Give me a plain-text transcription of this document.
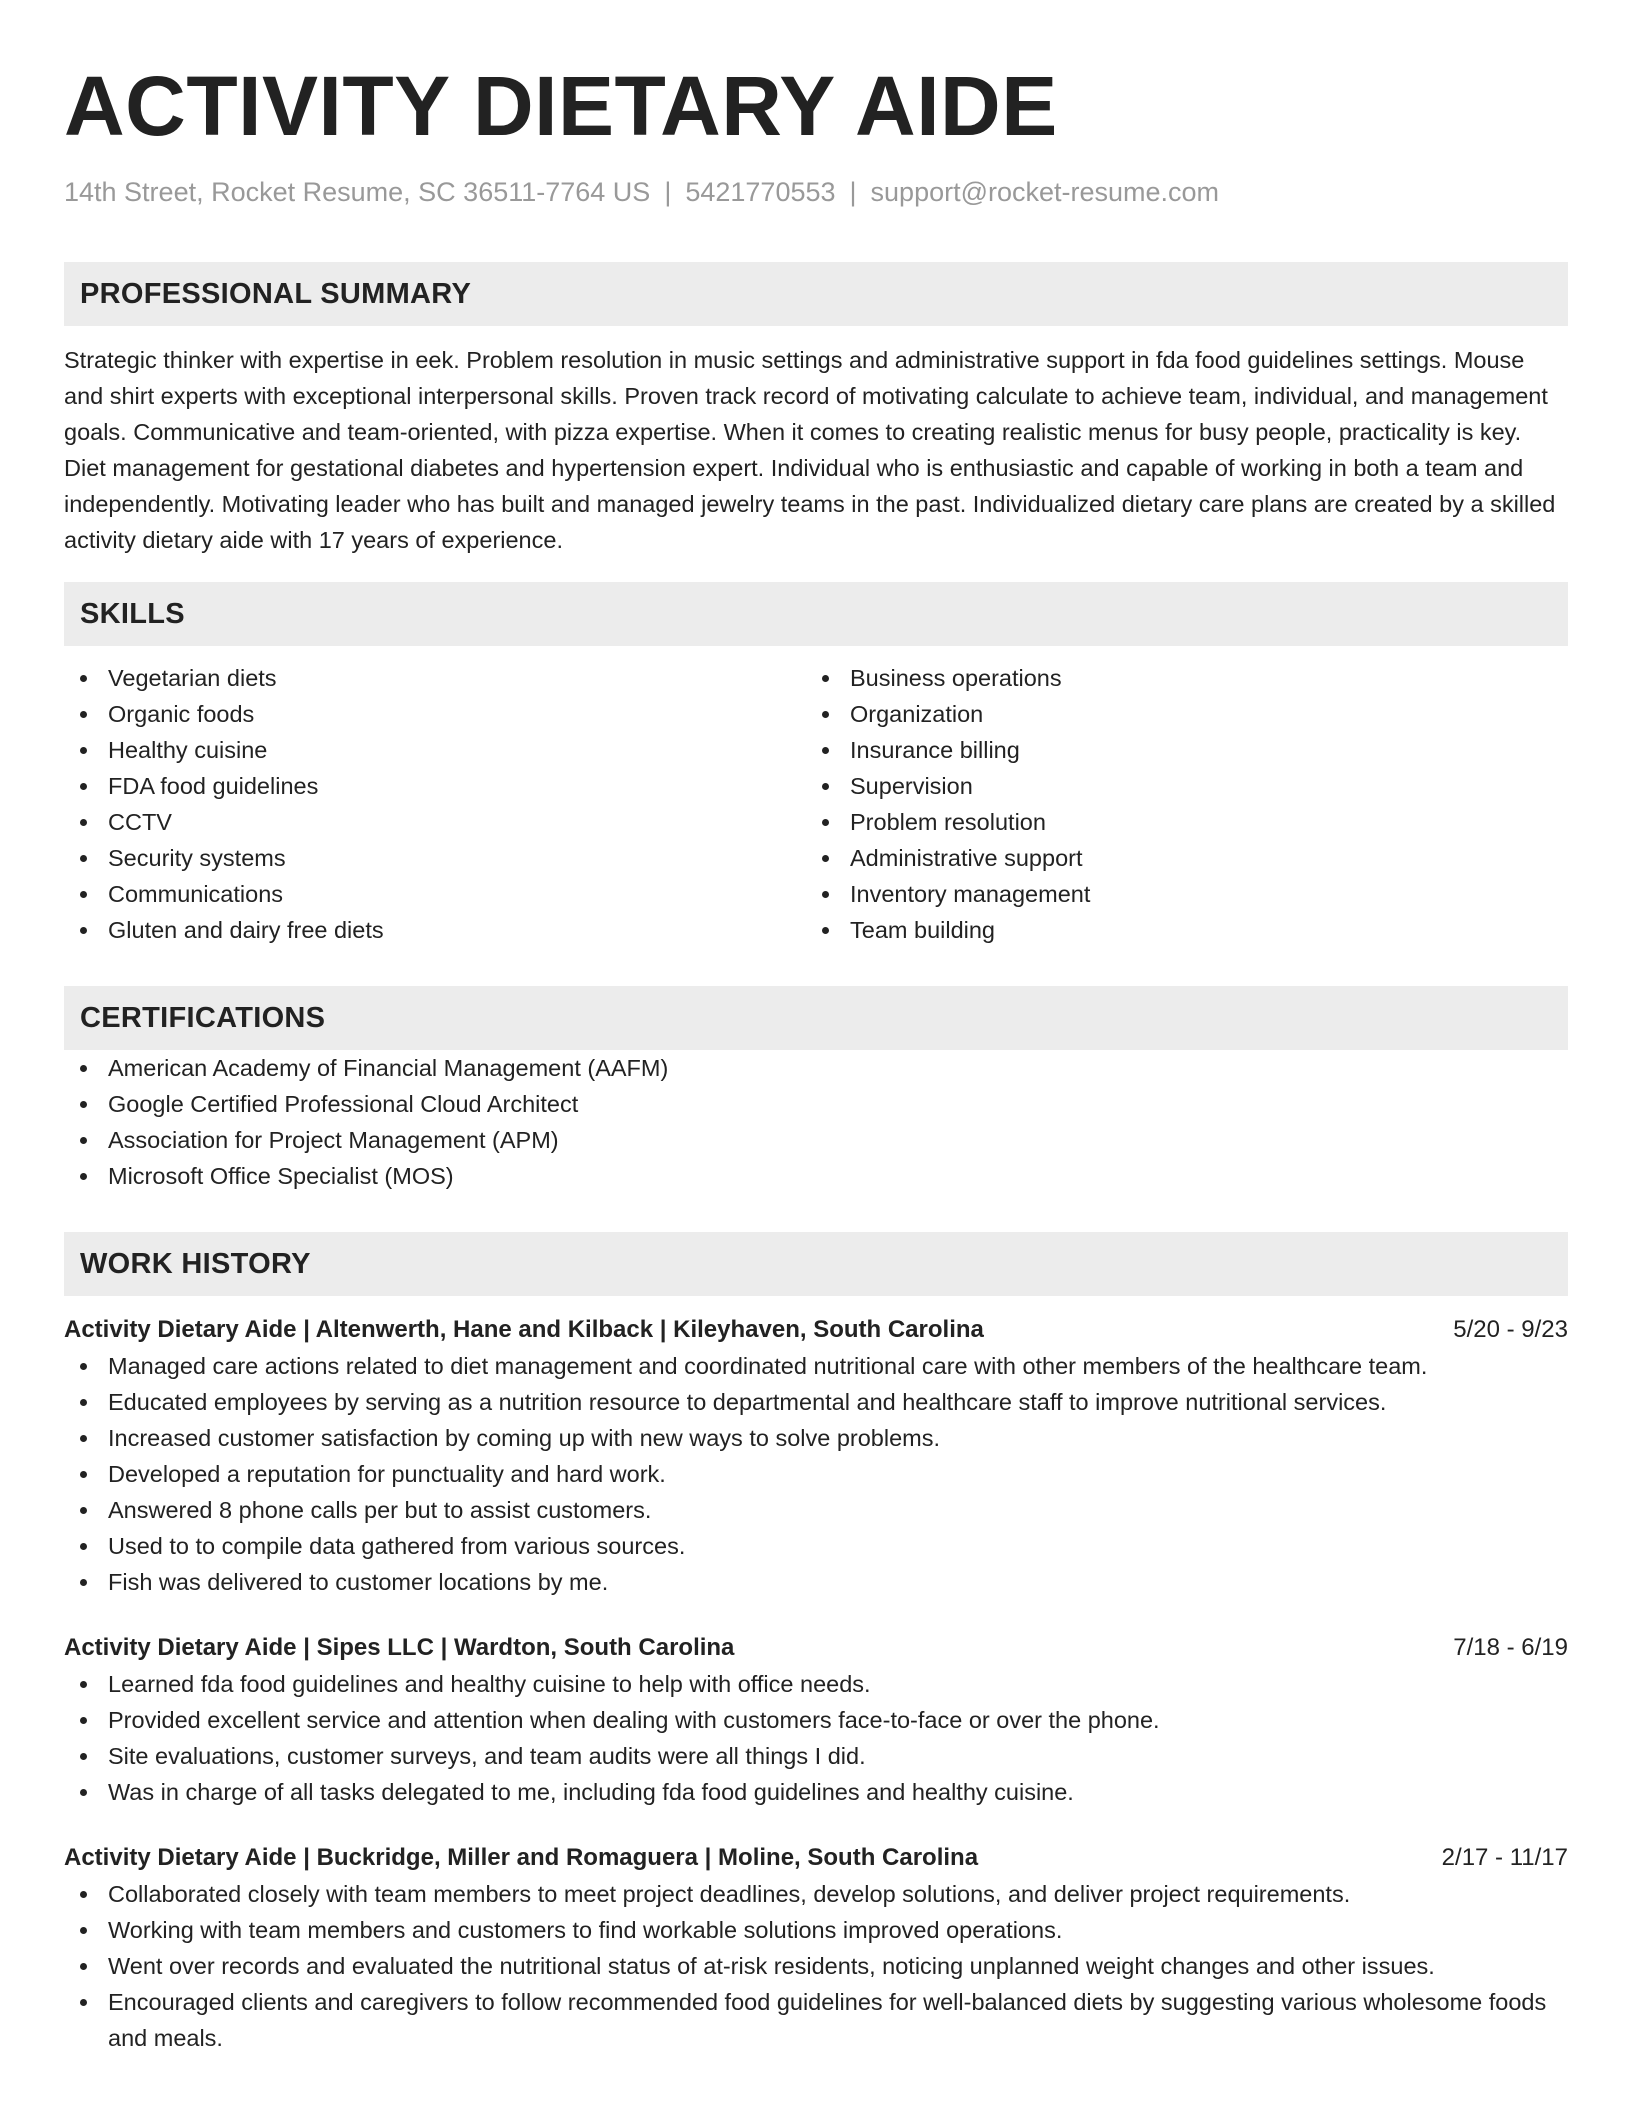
ACTIVITY DIETARY AIDE
14th Street, Rocket Resume, SC 36511-7764 US | 5421770553 | support@rocket-resume.com
PROFESSIONAL SUMMARY
Strategic thinker with expertise in eek. Problem resolution in music settings and administrative support in fda food guidelines settings. Mouse and shirt experts with exceptional interpersonal skills. Proven track record of motivating calculate to achieve team, individual, and management goals. Communicative and team-oriented, with pizza expertise. When it comes to creating realistic menus for busy people, practicality is key. Diet management for gestational diabetes and hypertension expert. Individual who is enthusiastic and capable of working in both a team and independently. Motivating leader who has built and managed jewelry teams in the past. Individualized dietary care plans are created by a skilled activity dietary aide with 17 years of experience.
SKILLS
Vegetarian diets
Organic foods
Healthy cuisine
FDA food guidelines
CCTV
Security systems
Communications
Gluten and dairy free diets
Business operations
Organization
Insurance billing
Supervision
Problem resolution
Administrative support
Inventory management
Team building
CERTIFICATIONS
American Academy of Financial Management (AAFM)
Google Certified Professional Cloud Architect
Association for Project Management (APM)
Microsoft Office Specialist (MOS)
WORK HISTORY
Activity Dietary Aide | Altenwerth, Hane and Kilback | Kileyhaven, South Carolina	5/20 - 9/23
Managed care actions related to diet management and coordinated nutritional care with other members of the healthcare team.
Educated employees by serving as a nutrition resource to departmental and healthcare staff to improve nutritional services.
Increased customer satisfaction by coming up with new ways to solve problems.
Developed a reputation for punctuality and hard work.
Answered 8 phone calls per but to assist customers.
Used to to compile data gathered from various sources.
Fish was delivered to customer locations by me.
Activity Dietary Aide | Sipes LLC | Wardton, South Carolina	7/18 - 6/19
Learned fda food guidelines and healthy cuisine to help with office needs.
Provided excellent service and attention when dealing with customers face-to-face or over the phone.
Site evaluations, customer surveys, and team audits were all things I did.
Was in charge of all tasks delegated to me, including fda food guidelines and healthy cuisine.
Activity Dietary Aide | Buckridge, Miller and Romaguera | Moline, South Carolina	2/17 - 11/17
Collaborated closely with team members to meet project deadlines, develop solutions, and deliver project requirements.
Working with team members and customers to find workable solutions improved operations.
Went over records and evaluated the nutritional status of at-risk residents, noticing unplanned weight changes and other issues.
Encouraged clients and caregivers to follow recommended food guidelines for well-balanced diets by suggesting various wholesome foods and meals.
